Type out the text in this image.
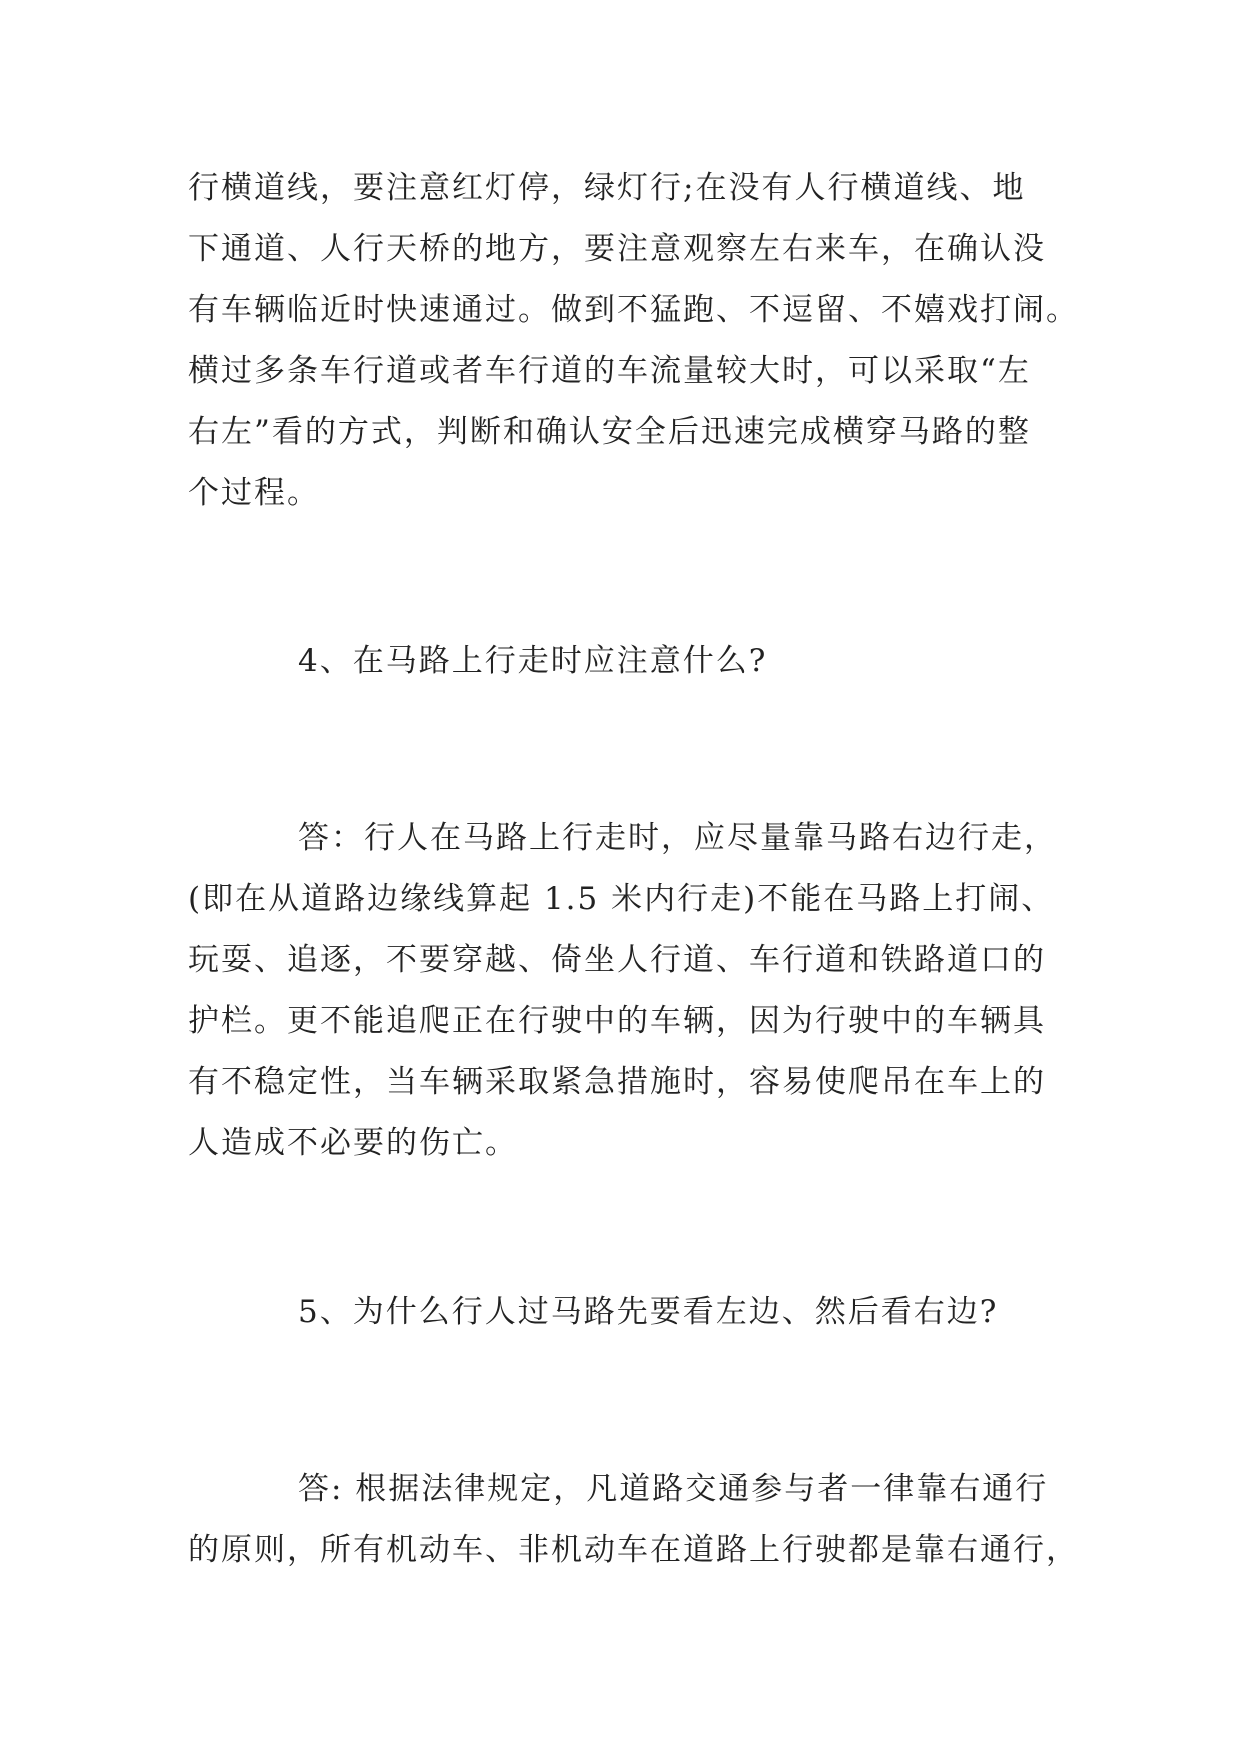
行横道线，要注意红灯停，绿灯行;在没有人行横道线、地
下通道、人行天桥的地方，要注意观察左右来车，在确认没
有车辆临近时快速通过。做到不猛跑、不逗留、不嬉戏打闹。
横过多条车行道或者车行道的车流量较大时，可以采取“左
右左”看的方式，判断和确认安全后迅速完成横穿马路的整
个过程。

4、在马路上行走时应注意什么?

答：行人在马路上行走时，应尽量靠马路右边行走，
(即在从道路边缘线算起 1.5 米内行走)不能在马路上打闹、
玩耍、追逐，不要穿越、倚坐人行道、车行道和铁路道口的
护栏。更不能追爬正在行驶中的车辆，因为行驶中的车辆具
有不稳定性，当车辆采取紧急措施时，容易使爬吊在车上的
人造成不必要的伤亡。

5、为什么行人过马路先要看左边、然后看右边?

答: 根据法律规定，凡道路交通参与者一律靠右通行
的原则，所有机动车、非机动车在道路上行驶都是靠右通行，
